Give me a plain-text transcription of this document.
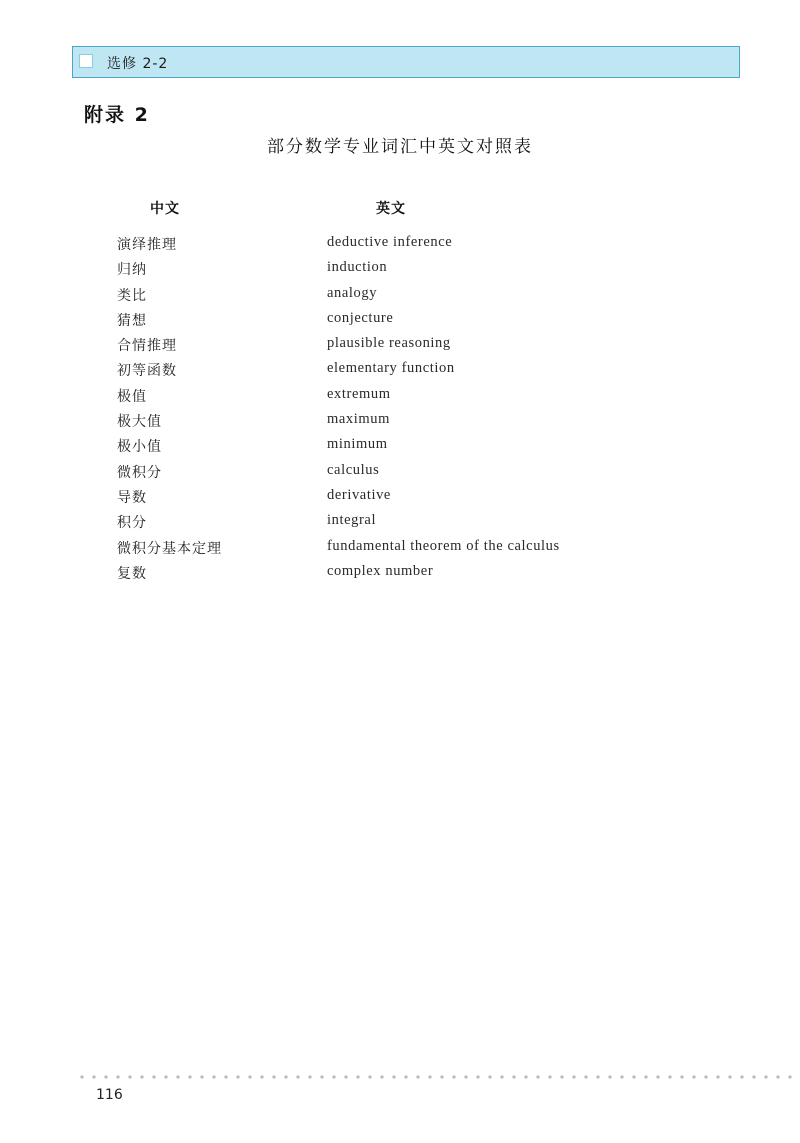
选修 2-2
附录 2
部分数学专业词汇中英文对照表
中文	英文
演绎推理	deductive inference
归纳	induction
类比	analogy
猜想	conjecture
合情推理	plausible reasoning
初等函数	elementary function
极值	extremum
极大值	maximum
极小值	minimum
微积分	calculus
导数	derivative
积分	integral
微积分基本定理	fundamental theorem of the calculus
复数	complex number
116
